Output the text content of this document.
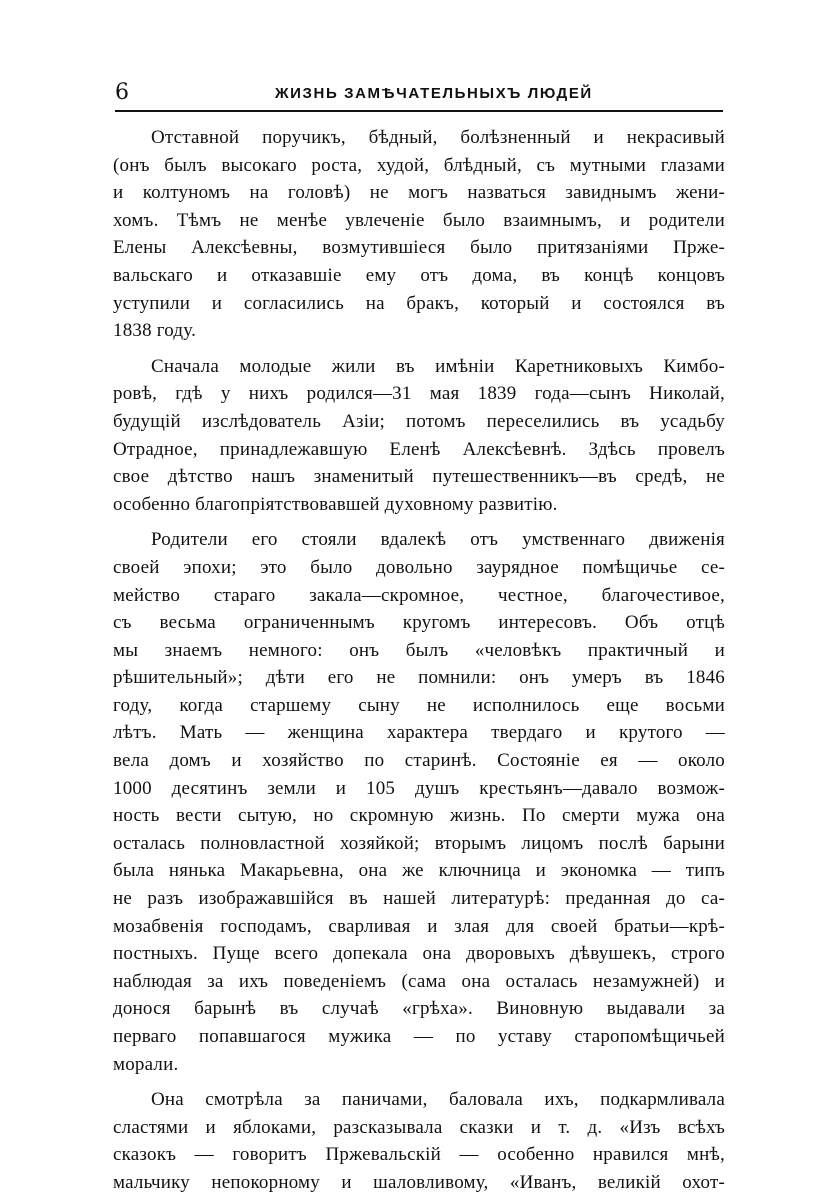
6	ЖИЗНЬ ЗАМѢЧАТЕЛЬНЫХЪ ЛЮДЕЙ
Отставной поручикъ, бѣдный, болѣзненный и некрасивый
(онъ былъ высокаго роста, худой, блѣдный, съ мутными глазами
и колтуномъ на головѣ) не могъ назваться завиднымъ жени-
хомъ. Тѣмъ не менѣе увлеченіе было взаимнымъ, и родители
Елены Алексѣевны, возмутившіеся было притязаніями Прже-
вальскаго и отказавшіе ему отъ дома, въ концѣ концовъ
уступили и согласились на бракъ, который и состоялся въ
1838 году.
Сначала молодые жили въ имѣніи Каретниковыхъ Кимбо-
ровѣ, гдѣ у нихъ родился—31 мая 1839 года—сынъ Николай,
будущій изслѣдователь Азіи; потомъ переселились въ усадьбу
Отрадное, принадлежавшую Еленѣ Алексѣевнѣ. Здѣсь провелъ
свое дѣтство нашъ знаменитый путешественникъ—въ средѣ, не
особенно благопріятствовавшей духовному развитію.
Родители его стояли вдалекѣ отъ умственнаго движенія
своей эпохи; это было довольно заурядное помѣщичье се-
мейство стараго закала—скромное, честное, благочестивое,
съ весьма ограниченнымъ кругомъ интересовъ. Объ отцѣ
мы знаемъ немного: онъ былъ «человѣкъ практичный и
рѣшительный»; дѣти его не помнили: онъ умеръ въ 1846
году, когда старшему сыну не исполнилось еще восьми
лѣтъ. Мать — женщина характера твердаго и крутого —
вела домъ и хозяйство по старинѣ. Состояніе ея — около
1000 десятинъ земли и 105 душъ крестьянъ—давало возмож-
ность вести сытую, но скромную жизнь. По смерти мужа она
осталась полновластной хозяйкой; вторымъ лицомъ послѣ барыни
была нянька Макарьевна, она же ключница и экономка — типъ
не разъ изображавшійся въ нашей литературѣ: преданная до са-
мозабвенія господамъ, сварливая и злая для своей братьи—крѣ-
постныхъ. Пуще всего допекала она дворовыхъ дѣвушекъ, строго
наблюдая за ихъ поведеніемъ (сама она осталась незамужней) и
донося барынѣ въ случаѣ «грѣха». Виновную выдавали за
перваго попавшагося мужика — по уставу старопомѣщичьей
морали.
Она смотрѣла за паничами, баловала ихъ, подкармливала
сластями и яблоками, разсказывала сказки и т. д. «Изъ всѣхъ
сказокъ — говоритъ Пржевальскій — особенно нравился мнѣ,
мальчику непокорному и шаловливому, «Иванъ, великій охот-
